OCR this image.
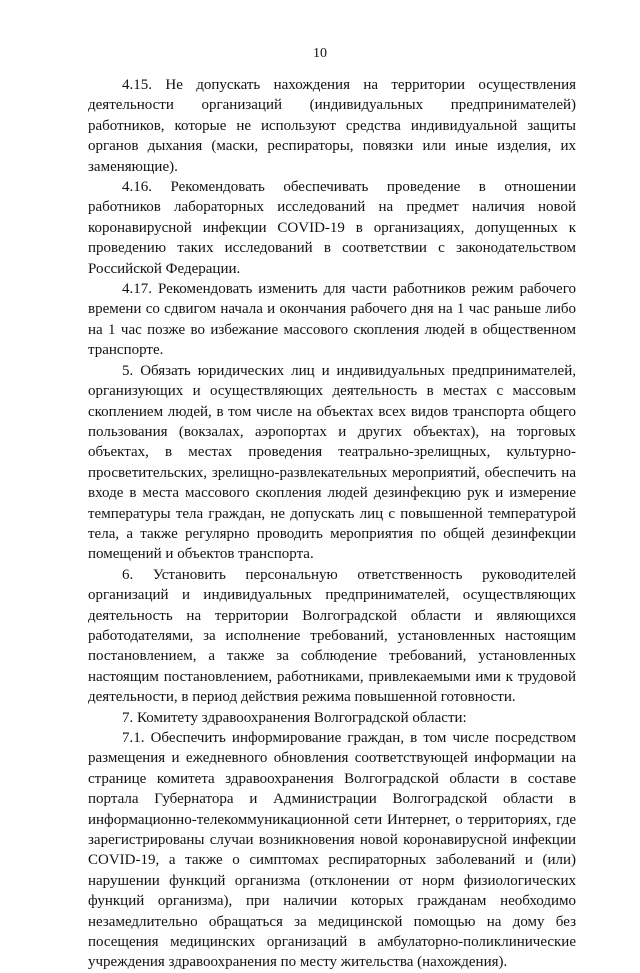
10

4.15. Не допускать нахождения на территории осуществления деятельности организаций (индивидуальных предпринимателей) работников, которые не используют средства индивидуальной защиты органов дыхания (маски, респираторы, повязки или иные изделия, их заменяющие).

4.16. Рекомендовать обеспечивать проведение в отношении работников лабораторных исследований на предмет наличия новой коронавирусной инфекции COVID-19 в организациях, допущенных к проведению таких исследований в соответствии с законодательством Российской Федерации.

4.17. Рекомендовать изменить для части работников режим рабочего времени со сдвигом начала и окончания рабочего дня на 1 час раньше либо на 1 час позже во избежание массового скопления людей в общественном транспорте.

5. Обязать юридических лиц и индивидуальных предпринимателей, организующих и осуществляющих деятельность в местах с массовым скоплением людей, в том числе на объектах всех видов транспорта общего пользования (вокзалах, аэропортах и других объектах), на торговых объектах, в местах проведения театрально-зрелищных, культурно-просветительских, зрелищно-развлекательных мероприятий, обеспечить на входе в места массового скопления людей дезинфекцию рук и измерение температуры тела граждан, не допускать лиц с повышенной температурой тела, а также регулярно проводить мероприятия по общей дезинфекции помещений и объектов транспорта.

6. Установить персональную ответственность руководителей организаций и индивидуальных предпринимателей, осуществляющих деятельность на территории Волгоградской области и являющихся работодателями, за исполнение требований, установленных настоящим постановлением, а также за соблюдение требований, установленных настоящим постановлением, работниками, привлекаемыми ими к трудовой деятельности, в период действия режима повышенной готовности.

7. Комитету здравоохранения Волгоградской области:

7.1. Обеспечить информирование граждан, в том числе посредством размещения и ежедневного обновления соответствующей информации на странице комитета здравоохранения Волгоградской области в составе портала Губернатора и Администрации Волгоградской области в информационно-телекоммуникационной сети Интернет, о территориях, где зарегистрированы случаи возникновения новой коронавирусной инфекции COVID-19, а также о симптомах респираторных заболеваний и (или) нарушении функций организма (отклонении от норм физиологических функций организма), при наличии которых гражданам необходимо незамедлительно обращаться за медицинской помощью на дому без посещения медицинских организаций в амбулаторно-поликлинические учреждения здравоохранения по месту жительства (нахождения).
